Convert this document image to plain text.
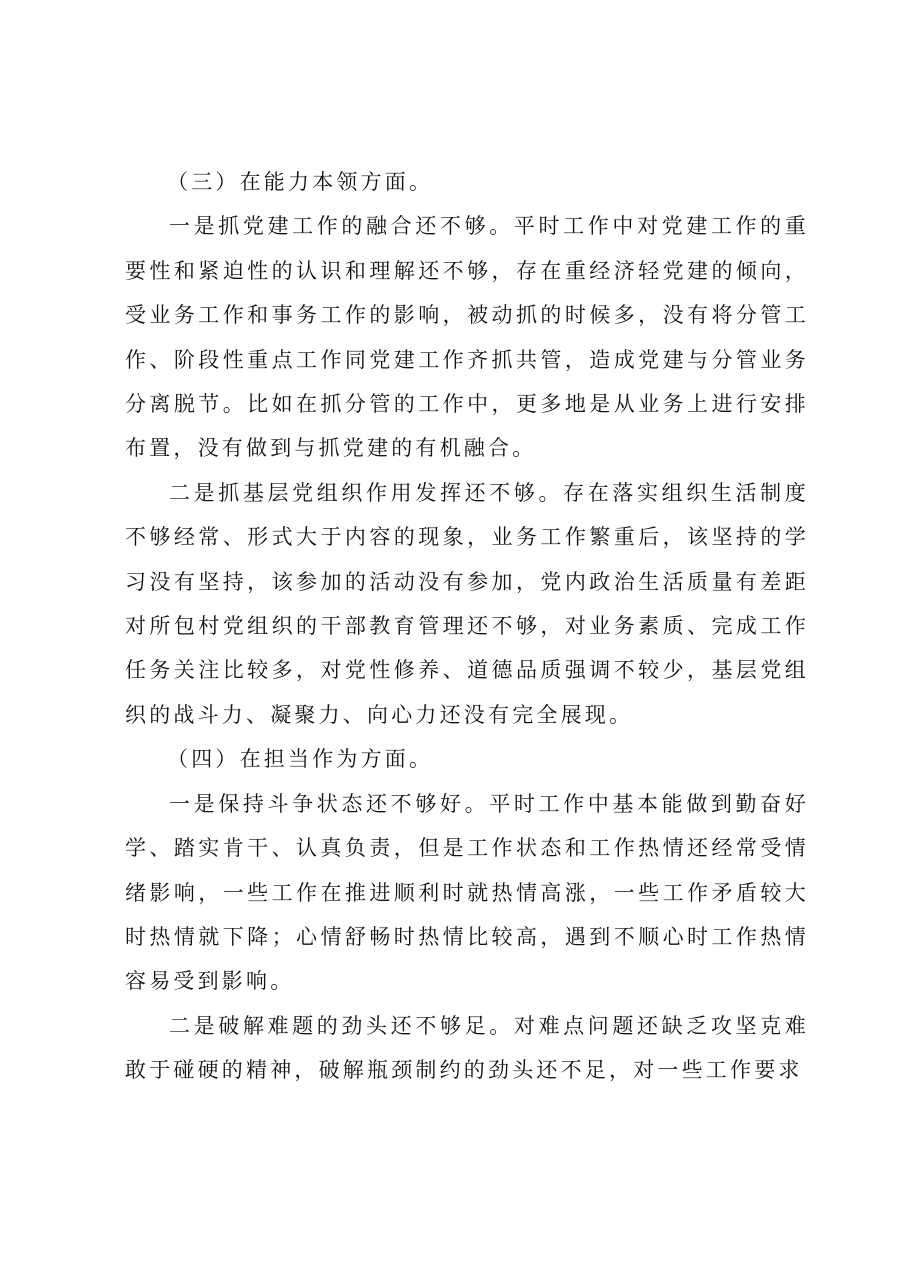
（三）在能力本领方面。

一是抓党建工作的融合还不够。平时工作中对党建工作的重要性和紧迫性的认识和理解还不够，存在重经济轻党建的倾向，受业务工作和事务工作的影响，被动抓的时候多，没有将分管工作、阶段性重点工作同党建工作齐抓共管，造成党建与分管业务分离脱节。比如在抓分管的工作中，更多地是从业务上进行安排布置，没有做到与抓党建的有机融合。

二是抓基层党组织作用发挥还不够。存在落实组织生活制度不够经常、形式大于内容的现象，业务工作繁重后，该坚持的学习没有坚持，该参加的活动没有参加，党内政治生活质量有差距对所包村党组织的干部教育管理还不够，对业务素质、完成工作任务关注比较多，对党性修养、道德品质强调不较少，基层党组织的战斗力、凝聚力、向心力还没有完全展现。

（四）在担当作为方面。

一是保持斗争状态还不够好。平时工作中基本能做到勤奋好学、踏实肯干、认真负责，但是工作状态和工作热情还经常受情绪影响，一些工作在推进顺利时就热情高涨，一些工作矛盾较大时热情就下降；心情舒畅时热情比较高，遇到不顺心时工作热情容易受到影响。

二是破解难题的劲头还不够足。对难点问题还缺乏攻坚克难敢于碰硬的精神，破解瓶颈制约的劲头还不足，对一些工作要求
